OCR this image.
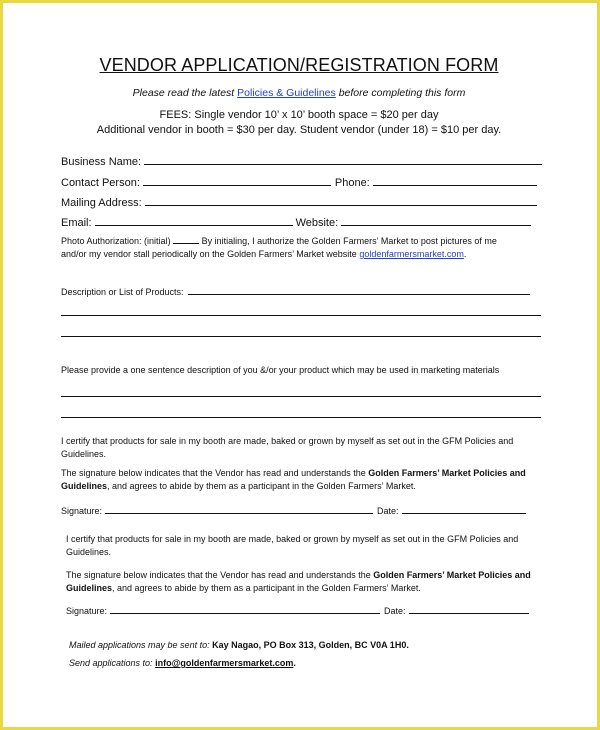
VENDOR APPLICATION/REGISTRATION FORM
Please read the latest Policies & Guidelines before completing this form
FEES: Single vendor 10’ x 10’ booth space = $20 per day
Additional vendor in booth = $30 per day. Student vendor (under 18) = $10 per day.
Business Name:
Contact Person:	Phone:
Mailing Address:
Email:	Website:
Photo Authorization: (initial)	By initialing, I authorize the Golden Farmers’ Market to post pictures of me
and/or my vendor stall periodically on the Golden Farmers’ Market website goldenfarmersmarket.com.
Description or List of Products:
Please provide a one sentence description of you &/or your product which may be used in marketing materials
I certify that products for sale in my booth are made, baked or grown by myself as set out in the GFM Policies and Guidelines.
The signature below indicates that the Vendor has read and understands the Golden Farmers’ Market Policies and Guidelines, and agrees to abide by them as a participant in the Golden Farmers’ Market.
Signature:	Date:
I certify that products for sale in my booth are made, baked or grown by myself as set out in the GFM Policies and Guidelines.
The signature below indicates that the Vendor has read and understands the Golden Farmers’ Market Policies and Guidelines, and agrees to abide by them as a participant in the Golden Farmers’ Market.
Signature:	Date:
Mailed applications may be sent to: Kay Nagao, PO Box 313, Golden, BC V0A 1H0.
Send applications to: info@goldenfarmersmarket.com.
